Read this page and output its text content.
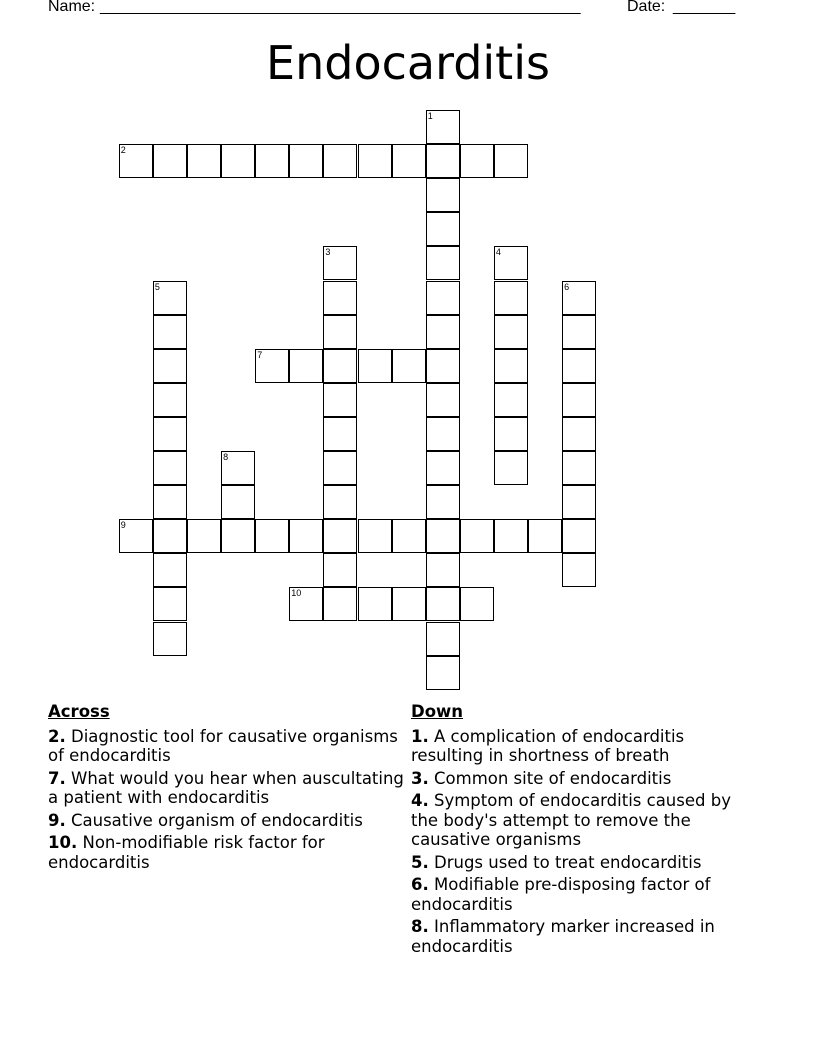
Name: ______________________________________________________	Date: _______
Endocarditis
1
2
3	4
5	6
7
8
9
10
Across
2. Diagnostic tool for causative organisms of endocarditis
7. What would you hear when auscultating a patient with endocarditis
9. Causative organism of endocarditis
10. Non-modifiable risk factor for endocarditis
Down
1. A complication of endocarditis resulting in shortness of breath
3. Common site of endocarditis
4. Symptom of endocarditis caused by the body's attempt to remove the causative organisms
5. Drugs used to treat endocarditis
6. Modifiable pre-disposing factor of endocarditis
8. Inflammatory marker increased in endocarditis
